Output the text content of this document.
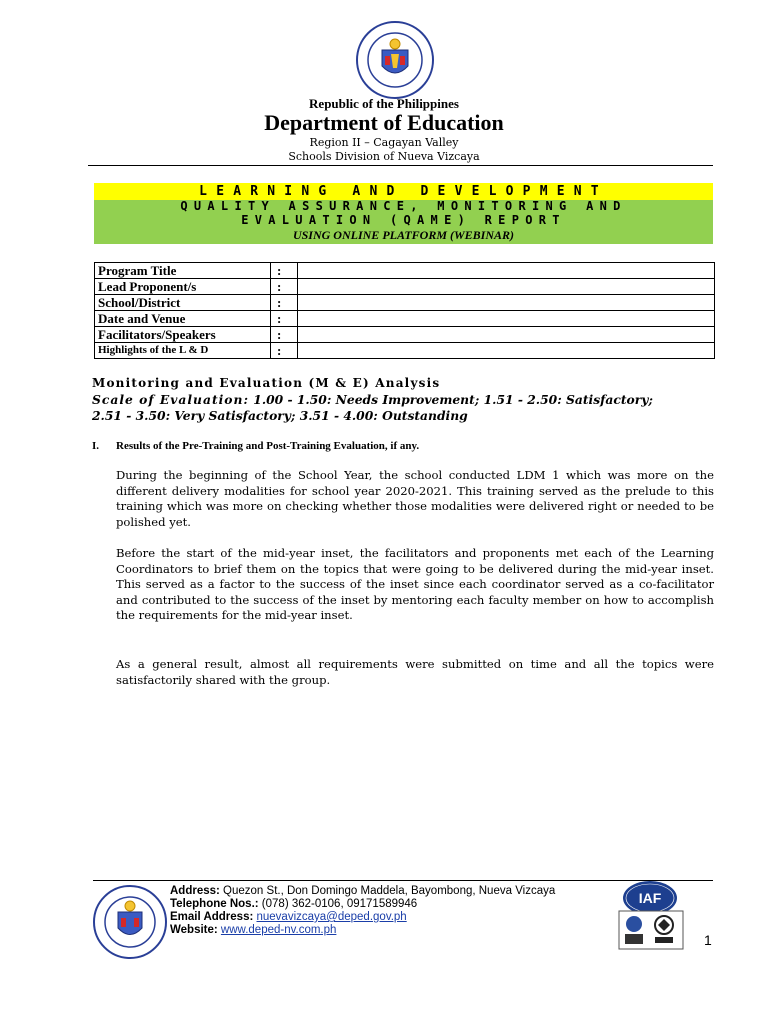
Republic of the Philippines
Department of Education
Region II – Cagayan Valley
Schools Division of Nueva Vizcaya
LEARNING AND DEVELOPMENT
QUALITY ASSURANCE, MONITORING AND
EVALUATION (QAME) REPORT
USING ONLINE PLATFORM (WEBINAR)
Program Title	:	
Lead Proponent/s	:	
School/District	:	
Date and Venue	:	
Facilitators/Speakers	:	
Highlights of the L & D	:	
Monitoring and Evaluation (M & E) Analysis
Scale of Evaluation: 1.00 - 1.50: Needs Improvement; 1.51 - 2.50: Satisfactory;
2.51 - 3.50: Very Satisfactory; 3.51 - 4.00: Outstanding
I. Results of the Pre-Training and Post-Training Evaluation, if any.
During the beginning of the School Year, the school conducted LDM 1 which was more on the different delivery modalities for school year 2020-2021. This training served as the prelude to this training which was more on checking whether those modalities were delivered right or needed to be polished yet.
Before the start of the mid-year inset, the facilitators and proponents met each of the Learning Coordinators to brief them on the topics that were going to be delivered during the mid-year inset. This served as a factor to the success of the inset since each coordinator served as a co-facilitator and contributed to the success of the inset by mentoring each faculty member on how to accomplish the requirements for the mid-year inset.
As a general result, almost all requirements were submitted on time and all the topics were satisfactorily shared with the group.
Address: Quezon St., Don Domingo Maddela, Bayombong, Nueva Vizcaya
Telephone Nos.: (078) 362-0106, 09171589946
Email Address: nuevavizcaya@deped.gov.ph
Website: www.deped-nv.com.ph
IAF
1
